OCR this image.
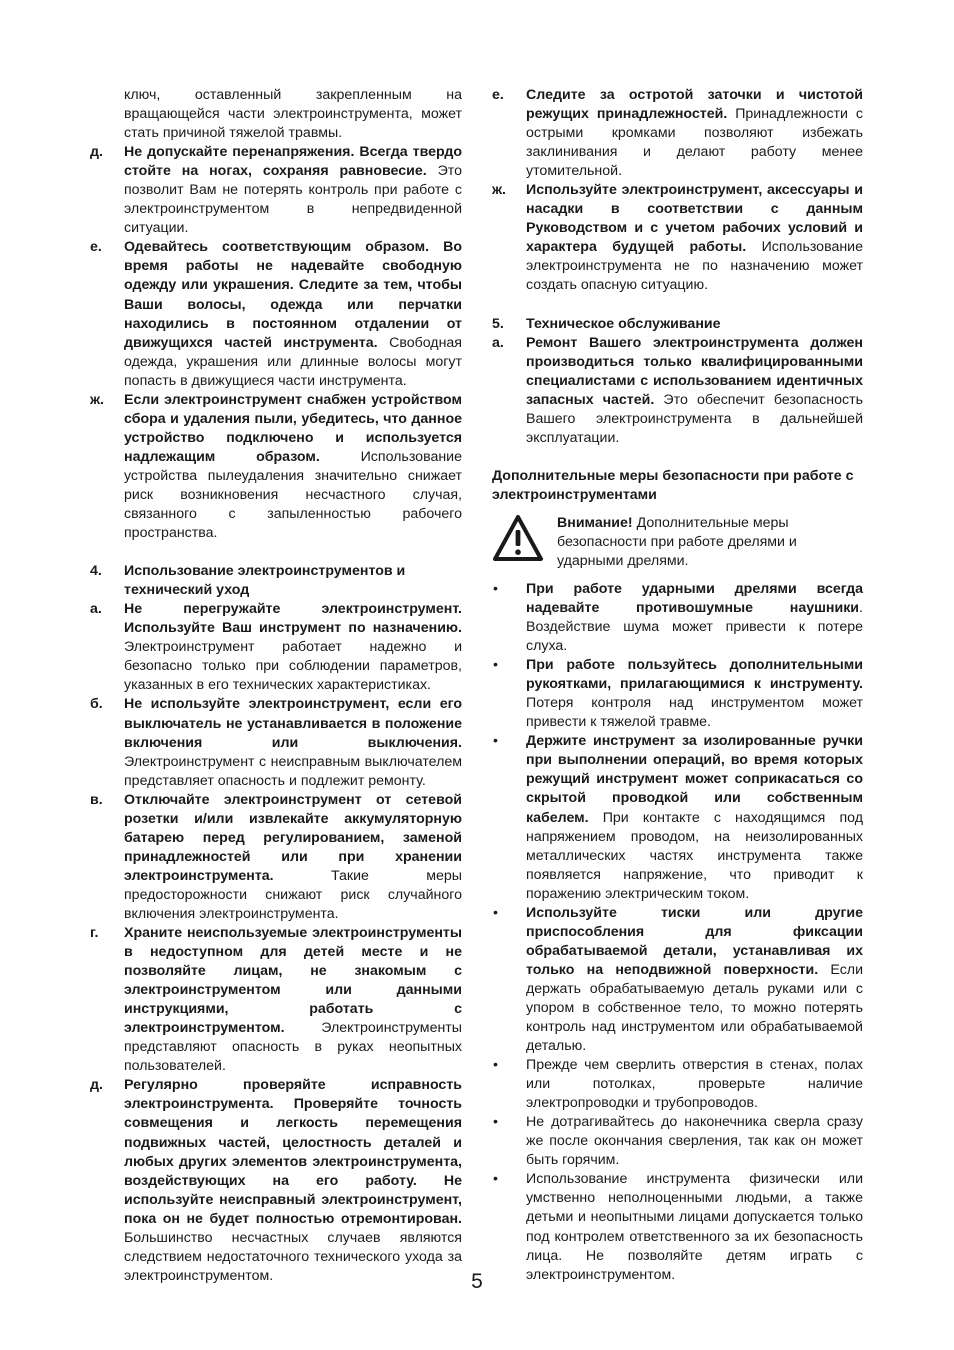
ключ, оставленный закрепленным на вращающейся части электроинструмента, может стать причиной тяжелой травмы.
д. Не допускайте перенапряжения. Всегда твердо стойте на ногах, сохраняя равновесие. Это позволит Вам не потерять контроль при работе с электроинструментом в непредвиденной ситуации.
е. Одевайтесь соответствующим образом. Во время работы не надевайте свободную одежду или украшения. Следите за тем, чтобы Ваши волосы, одежда или перчатки находились в постоянном отдалении от движущихся частей инструмента. Свободная одежда, украшения или длинные волосы могут попасть в движущиеся части инструмента.
ж. Если электроинструмент снабжен устройством сбора и удаления пыли, убедитесь, что данное устройство подключено и используется надлежащим образом. Использование устройства пылеудаления значительно снижает риск возникновения несчастного случая, связанного с запыленностью рабочего пространства.
4. Использование электроинструментов и технический уход
а. Не перегружайте электроинструмент. Используйте Ваш инструмент по назначению. Электроинструмент работает надежно и безопасно только при соблюдении параметров, указанных в его технических характеристиках.
б. Не используйте электроинструмент, если его выключатель не устанавливается в положение включения или выключения. Электроинструмент с неисправным выключателем представляет опасность и подлежит ремонту.
в. Отключайте электроинструмент от сетевой розетки и/или извлекайте аккумуляторную батарею перед регулированием, заменой принадлежностей или при хранении электроинструмента. Такие меры предосторожности снижают риск случайного включения электроинструмента.
г. Храните неиспользуемые электроинструменты в недоступном для детей месте и не позволяйте лицам, не знакомым с электроинструментом или данными инструкциями, работать с электроинструментом. Электроинструменты представляют опасность в руках неопытных пользователей.
д. Регулярно проверяйте исправность электроинструмента. Проверяйте точность совмещения и легкость перемещения подвижных частей, целостность деталей и любых других элементов электроинструмента, воздействующих на его работу. Не используйте неисправный электроинструмент, пока он не будет полностью отремонтирован. Большинство несчастных случаев являются следствием недостаточного технического ухода за электроинструментом.
е. Следите за остротой заточки и чистотой режущих принадлежностей. Принадлежности с острыми кромками позволяют избежать заклинивания и делают работу менее утомительной.
ж. Используйте электроинструмент, аксессуары и насадки в соответствии с данным Руководством и с учетом рабочих условий и характера будущей работы. Использование электроинструмента не по назначению может создать опасную ситуацию.
5. Техническое обслуживание
а. Ремонт Вашего электроинструмента должен производиться только квалифицированными специалистами с использованием идентичных запасных частей. Это обеспечит безопасность Вашего электроинструмента в дальнейшей эксплуатации.
Дополнительные меры безопасности при работе с электроинструментами
Внимание! Дополнительные меры безопасности при работе дрелями и ударными дрелями.
• При работе ударными дрелями всегда надевайте противошумные наушники. Воздействие шума может привести к потере слуха.
• При работе пользуйтесь дополнительными рукоятками, прилагающимися к инструменту. Потеря контроля над инструментом может привести к тяжелой травме.
• Держите инструмент за изолированные ручки при выполнении операций, во время которых режущий инструмент может соприкасаться со скрытой проводкой или собственным кабелем. При контакте с находящимся под напряжением проводом, на неизолированных металлических частях инструмента также появляется напряжение, что приводит к поражению электрическим током.
• Используйте тиски или другие приспособления для фиксации обрабатываемой детали, устанавливая их только на неподвижной поверхности. Если держать обрабатываемую деталь руками или с упором в собственное тело, то можно потерять контроль над инструментом или обрабатываемой деталью.
• Прежде чем сверлить отверстия в стенах, полах или потолках, проверьте наличие электропроводки и трубопроводов.
• Не дотрагивайтесь до наконечника сверла сразу же после окончания сверления, так как он может быть горячим.
• Использование инструмента физически или умственно неполноценными людьми, а также детьми и неопытными лицами допускается только под контролем ответственного за их безопасность лица. Не позволяйте детям играть с электроинструментом.
5
